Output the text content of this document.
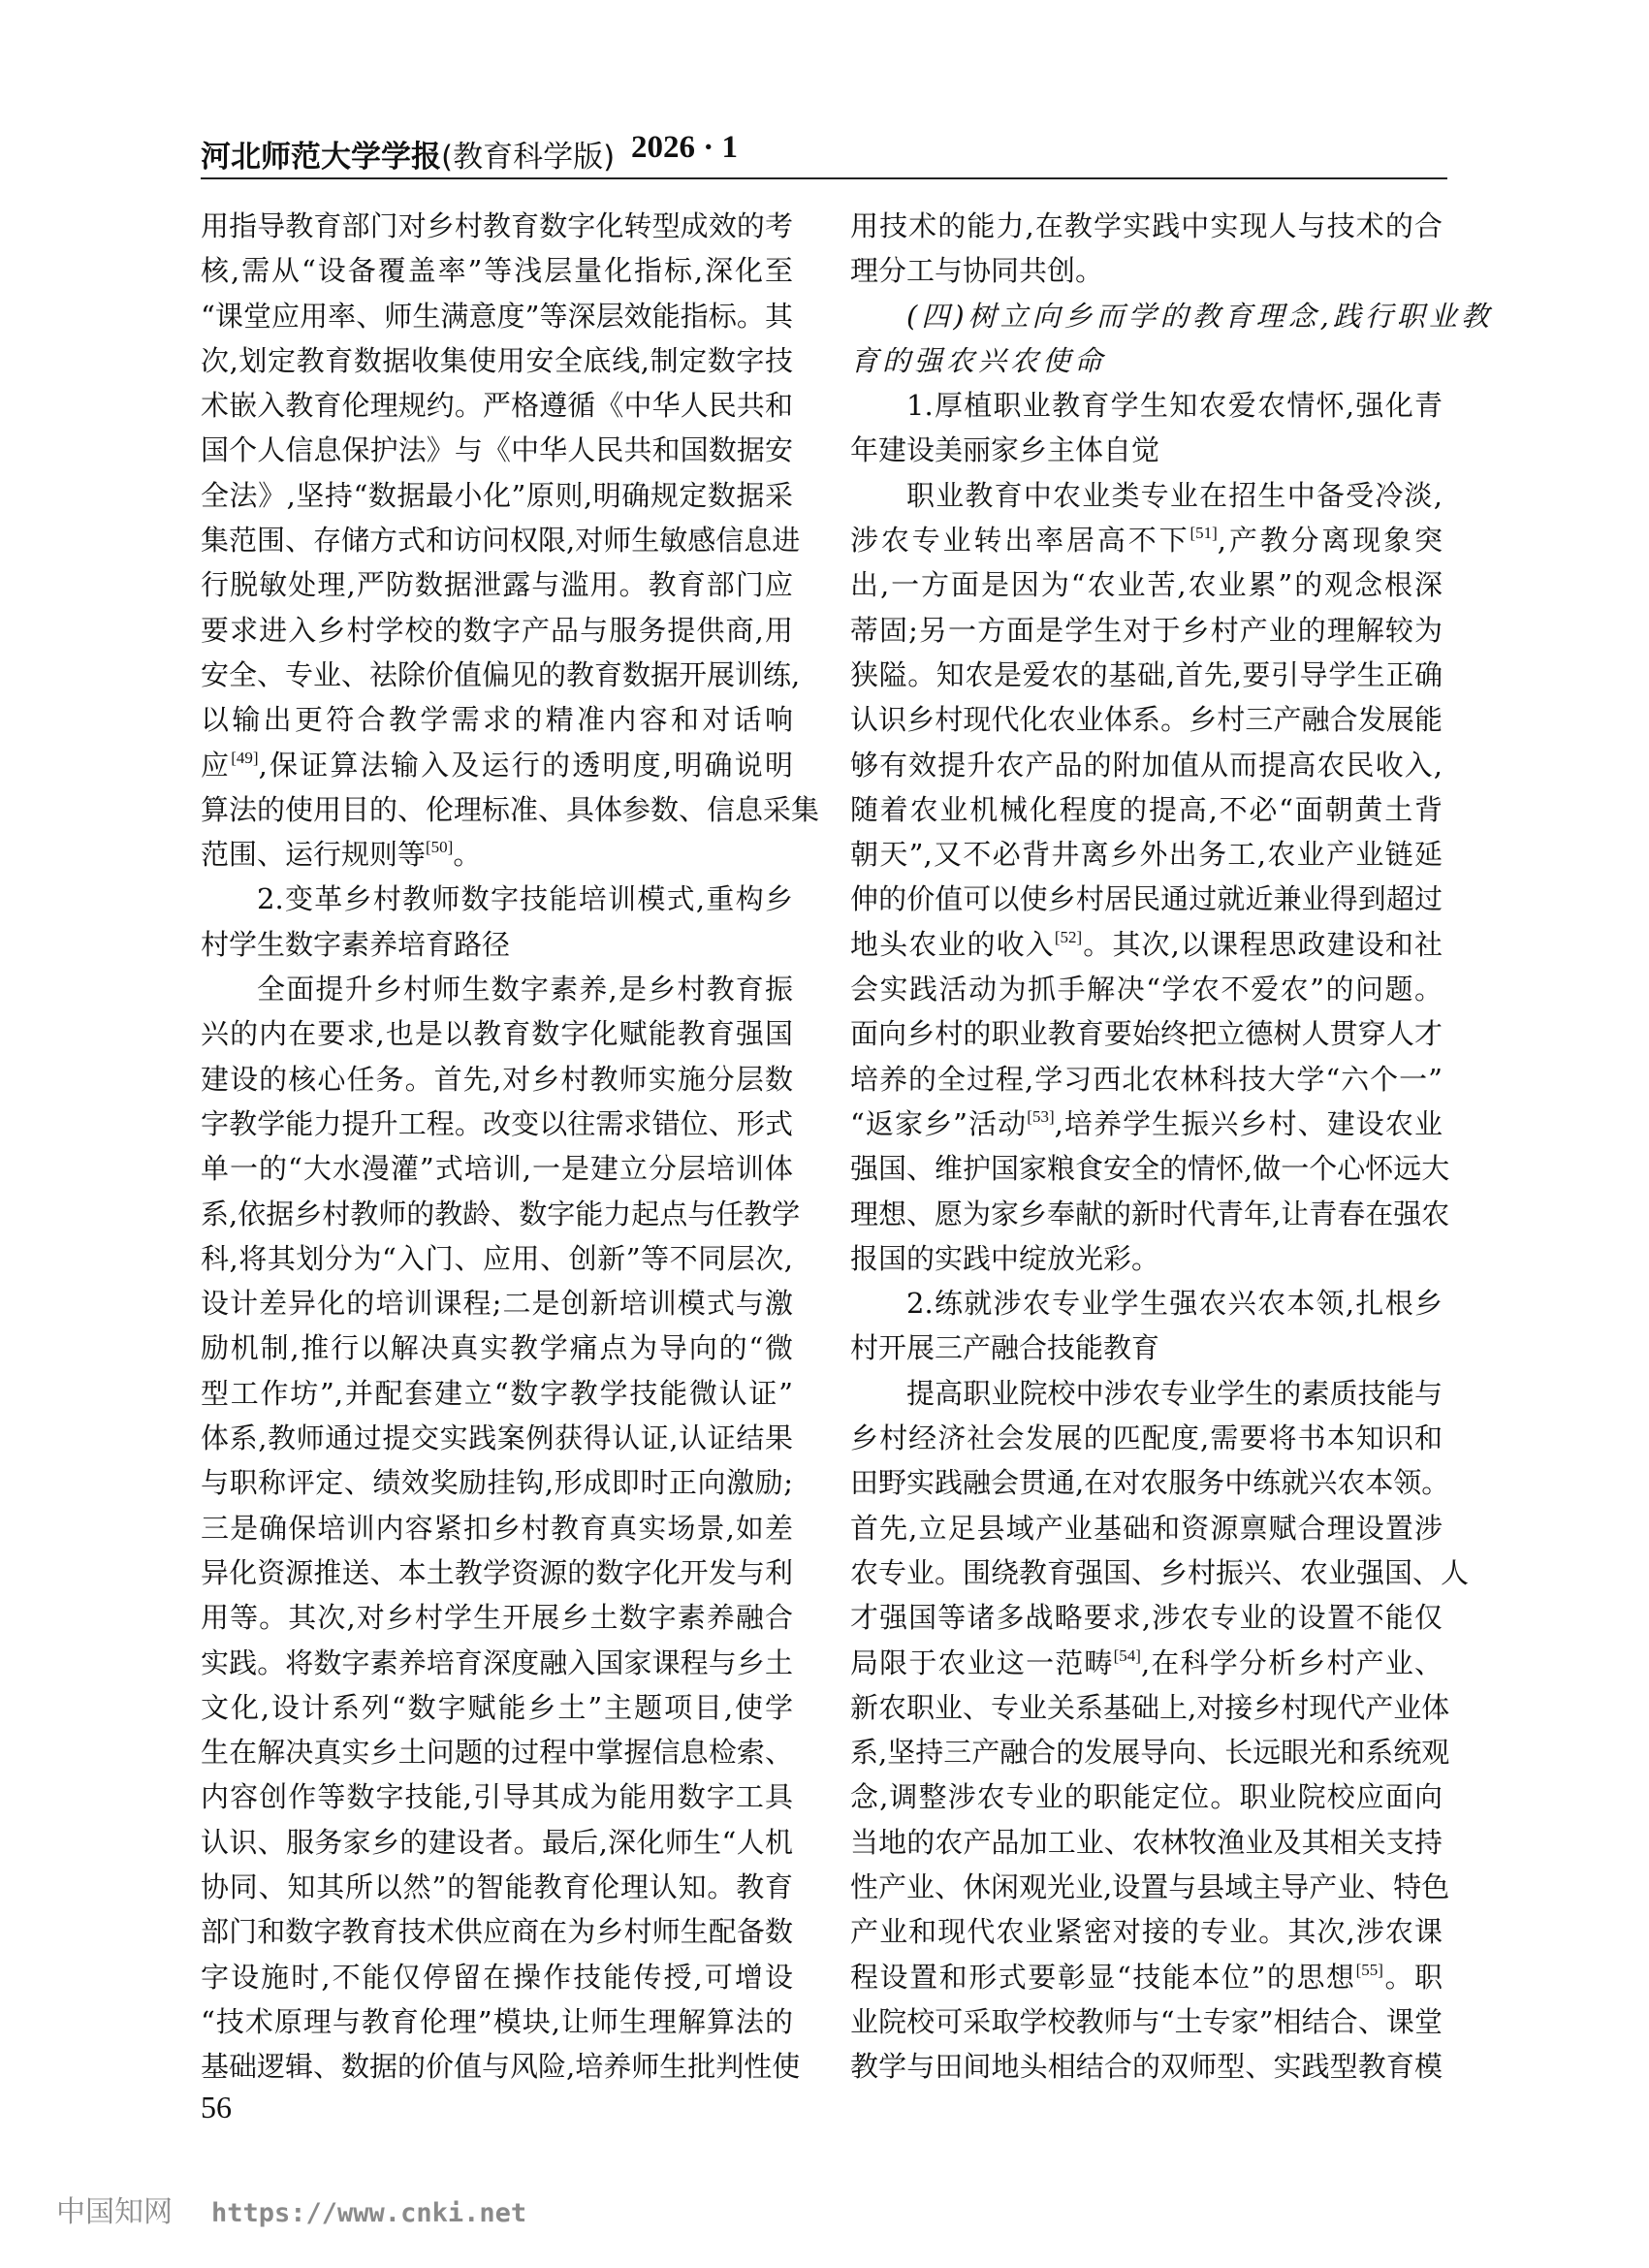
河北师范大学学报(教育科学版) 2026 · 1
用指导教育部门对乡村教育数字化转型成效的考
核,需从“设备覆盖率”等浅层量化指标,深化至
“课堂应用率、师生满意度”等深层效能指标。其
次,划定教育数据收集使用安全底线,制定数字技
术嵌入教育伦理规约。严格遵循《中华人民共和
国个人信息保护法》与《中华人民共和国数据安
全法》,坚持“数据最小化”原则,明确规定数据采
集范围、存储方式和访问权限,对师生敏感信息进
行脱敏处理,严防数据泄露与滥用。教育部门应
要求进入乡村学校的数字产品与服务提供商,用
安全、专业、祛除价值偏见的教育数据开展训练,
以输出更符合教学需求的精准内容和对话响
应[49],保证算法输入及运行的透明度,明确说明
算法的使用目的、伦理标准、具体参数、信息采集
范围、运行规则等[50]。
2.变革乡村教师数字技能培训模式,重构乡
村学生数字素养培育路径
全面提升乡村师生数字素养,是乡村教育振
兴的内在要求,也是以教育数字化赋能教育强国
建设的核心任务。首先,对乡村教师实施分层数
字教学能力提升工程。改变以往需求错位、形式
单一的“大水漫灌”式培训,一是建立分层培训体
系,依据乡村教师的教龄、数字能力起点与任教学
科,将其划分为“入门、应用、创新”等不同层次,
设计差异化的培训课程;二是创新培训模式与激
励机制,推行以解决真实教学痛点为导向的“微
型工作坊”,并配套建立“数字教学技能微认证”
体系,教师通过提交实践案例获得认证,认证结果
与职称评定、绩效奖励挂钩,形成即时正向激励;
三是确保培训内容紧扣乡村教育真实场景,如差
异化资源推送、本土教学资源的数字化开发与利
用等。其次,对乡村学生开展乡土数字素养融合
实践。将数字素养培育深度融入国家课程与乡土
文化,设计系列“数字赋能乡土”主题项目,使学
生在解决真实乡土问题的过程中掌握信息检索、
内容创作等数字技能,引导其成为能用数字工具
认识、服务家乡的建设者。最后,深化师生“人机
协同、知其所以然”的智能教育伦理认知。教育
部门和数字教育技术供应商在为乡村师生配备数
字设施时,不能仅停留在操作技能传授,可增设
“技术原理与教育伦理”模块,让师生理解算法的
基础逻辑、数据的价值与风险,培养师生批判性使
用技术的能力,在教学实践中实现人与技术的合
理分工与协同共创。
(四)树立向乡而学的教育理念,践行职业教
育的强农兴农使命
1.厚植职业教育学生知农爱农情怀,强化青
年建设美丽家乡主体自觉
职业教育中农业类专业在招生中备受冷淡,
涉农专业转出率居高不下[51],产教分离现象突
出,一方面是因为“农业苦,农业累”的观念根深
蒂固;另一方面是学生对于乡村产业的理解较为
狭隘。知农是爱农的基础,首先,要引导学生正确
认识乡村现代化农业体系。乡村三产融合发展能
够有效提升农产品的附加值从而提高农民收入,
随着农业机械化程度的提高,不必“面朝黄土背
朝天”,又不必背井离乡外出务工,农业产业链延
伸的价值可以使乡村居民通过就近兼业得到超过
地头农业的收入[52]。其次,以课程思政建设和社
会实践活动为抓手解决“学农不爱农”的问题。
面向乡村的职业教育要始终把立德树人贯穿人才
培养的全过程,学习西北农林科技大学“六个一”
“返家乡”活动[53],培养学生振兴乡村、建设农业
强国、维护国家粮食安全的情怀,做一个心怀远大
理想、愿为家乡奉献的新时代青年,让青春在强农
报国的实践中绽放光彩。
2.练就涉农专业学生强农兴农本领,扎根乡
村开展三产融合技能教育
提高职业院校中涉农专业学生的素质技能与
乡村经济社会发展的匹配度,需要将书本知识和
田野实践融会贯通,在对农服务中练就兴农本领。
首先,立足县域产业基础和资源禀赋合理设置涉
农专业。围绕教育强国、乡村振兴、农业强国、人
才强国等诸多战略要求,涉农专业的设置不能仅
局限于农业这一范畴[54],在科学分析乡村产业、
新农职业、专业关系基础上,对接乡村现代产业体
系,坚持三产融合的发展导向、长远眼光和系统观
念,调整涉农专业的职能定位。职业院校应面向
当地的农产品加工业、农林牧渔业及其相关支持
性产业、休闲观光业,设置与县域主导产业、特色
产业和现代农业紧密对接的专业。其次,涉农课
程设置和形式要彰显“技能本位”的思想[55]。职
业院校可采取学校教师与“土专家”相结合、课堂
教学与田间地头相结合的双师型、实践型教育模
56
中国知网 https://www.cnki.net
